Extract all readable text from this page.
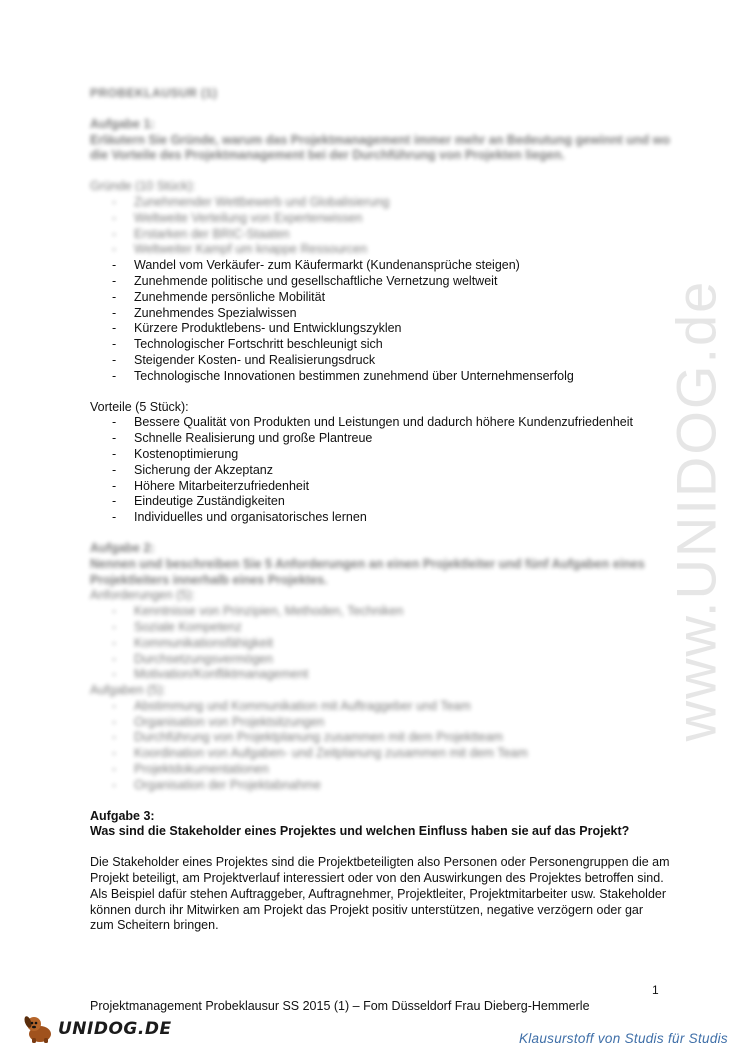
www.UNIDOG.de
PROBEKLAUSUR (1)
Aufgabe 1:
Erläutern Sie Gründe, warum das Projektmanagement immer mehr an Bedeutung gewinnt und wo die Vorteile des Projektmanagement bei der Durchführung von Projekten liegen.
Gründe (10 Stück):
- Zunehmender Wettbewerb und Globalisierung
- Weltweite Verteilung von Expertenwissen
- Erstarken der BRIC-Staaten
- Weltweiter Kampf um knappe Ressourcen
- Wandel vom Verkäufer- zum Käufermarkt (Kundenansprüche steigen)
- Zunehmende politische und gesellschaftliche Vernetzung weltweit
- Zunehmende persönliche Mobilität
- Zunehmendes Spezialwissen
- Kürzere Produktlebens- und Entwicklungszyklen
- Technologischer Fortschritt beschleunigt sich
- Steigender Kosten- und Realisierungsdruck
- Technologische Innovationen bestimmen zunehmend über Unternehmenserfolg
Vorteile (5 Stück):
- Bessere Qualität von Produkten und Leistungen und dadurch höhere Kundenzufriedenheit
- Schnelle Realisierung und große Plantreue
- Kostenoptimierung
- Sicherung der Akzeptanz
- Höhere Mitarbeiterzufriedenheit
- Eindeutige Zuständigkeiten
- Individuelles und organisatorisches lernen
Aufgabe 2:
Nennen und beschreiben Sie 5 Anforderungen an einen Projektleiter und fünf Aufgaben eines Projektleiters innerhalb eines Projektes.
Anforderungen (5):
- Kenntnisse von Prinzipien, Methoden, Techniken
- Soziale Kompetenz
- Kommunikationsfähigkeit
- Durchsetzungsvermögen
- Motivation/Konfliktmanagement
Aufgaben (5):
- Abstimmung und Kommunikation mit Auftraggeber und Team
- Organisation von Projektsitzungen
- Durchführung von Projektplanung zusammen mit dem Projektteam
- Koordination von Aufgaben- und Zeitplanung zusammen mit dem Team
- Projektdokumentationen
- Organisation der Projektabnahme
Aufgabe 3:
Was sind die Stakeholder eines Projektes und welchen Einfluss haben sie auf das Projekt?
Die Stakeholder eines Projektes sind die Projektbeteiligten also Personen oder Personengruppen die am Projekt beteiligt, am Projektverlauf interessiert oder von den Auswirkungen des Projektes betroffen sind. Als Beispiel dafür stehen Auftraggeber, Auftragnehmer, Projektleiter, Projektmitarbeiter usw. Stakeholder können durch ihr Mitwirken am Projekt das Projekt positiv unterstützen, negative verzögern oder gar zum Scheitern bringen.
1
Projektmanagement Probeklausur SS 2015 (1) – Fom Düsseldorf Frau Dieberg-Hemmerle
UNIDOG.DE	Klausurstoff von Studis für Studis
